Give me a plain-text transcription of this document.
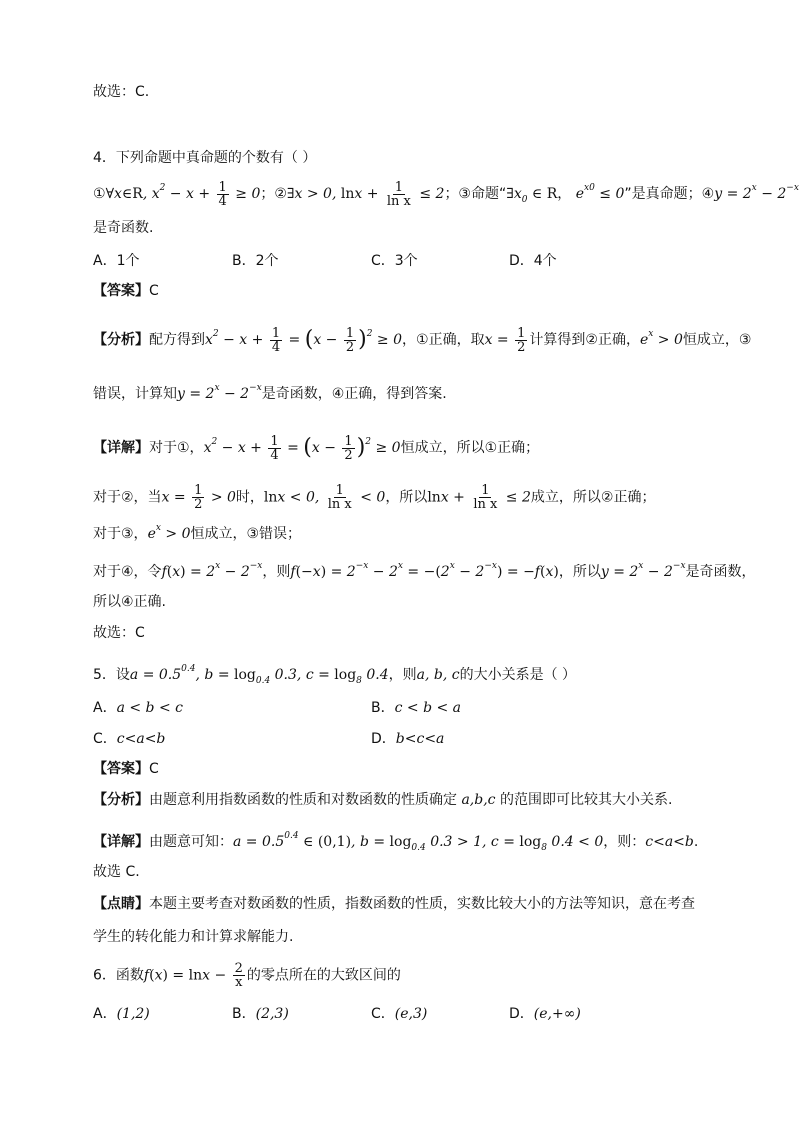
故选：C.
4．下列命题中真命题的个数有（ ）
①∀x∈R, $x^2 - x + \frac{1}{4} \ge 0$；②∃x > 0, $\ln x + \frac{1}{\text{ln x}} \le 2$；③命题“$\exists x_0$ ∈ R， $e^{x0} \le 0$”是真命题；④y = $2^x - 2^{-x}$
是奇函数.
A．1个	B．2个	C．3个	D．4个
【答案】C
【分析】配方得到$x^2 - x + \frac{1}{4} = (x - \frac{1}{2} )^2 \ge 0$，①正确，取$x = \frac{1}{2}$ 计算得到②正确，$e^x > 0$恒成立，③
错误，计算知$y = 2^x - 2^{-x}$是奇函数，④正确，得到答案.
【详解】对于①，$x^2 - x + \frac{1}{4} = (x - \frac{1}{2} )^2 \ge 0$恒成立，所以①正确；
对于②，当$x = \frac{1}{2} > 0$时，lnx < 0, $\frac{1}{\text{ln x}} < 0$，所以$\ln x + \frac{1}{\text{ln x}} \le 2$成立，所以②正确；
对于③，$e^x > 0$恒成立，③错误；
对于④，令$f(x) = 2^x - 2^{-x}$，则$f(-x) = 2^{-x} - 2^x = -(2^x - 2^{-x}) = -f(x)$，所以$y = 2^x - 2^{-x}$是奇函数，
所以④正确.
故选：C
5．设$a = 0.5^{0.4}$, $b = \log_{0.4} 0.3$, $c = \log_8 0.4$，则a, b, c的大小关系是（ ）
A．a < b < c	B．c < b < a
C．c<a<b	D．b<c<a
【答案】C
【分析】由题意利用指数函数的性质和对数函数的性质确定 a,b,c 的范围即可比较其大小关系.
【详解】由题意可知：$a = 0.5^{0.4}$ ∈ (0,1), $b = \log_{0.4} 0.3 > 1$, $c = \log_8 0.4 < 0$，则：c<a<b.
故选 C.
【点睛】本题主要考查对数函数的性质，指数函数的性质，实数比较大小的方法等知识，意在考查
学生的转化能力和计算求解能力.
6．函数$f(x) = \ln x - \frac{2}{x}$ 的零点所在的大致区间的
A．(1,2)	B．(2,3)	C．(e,3)	D．(e,+∞)
